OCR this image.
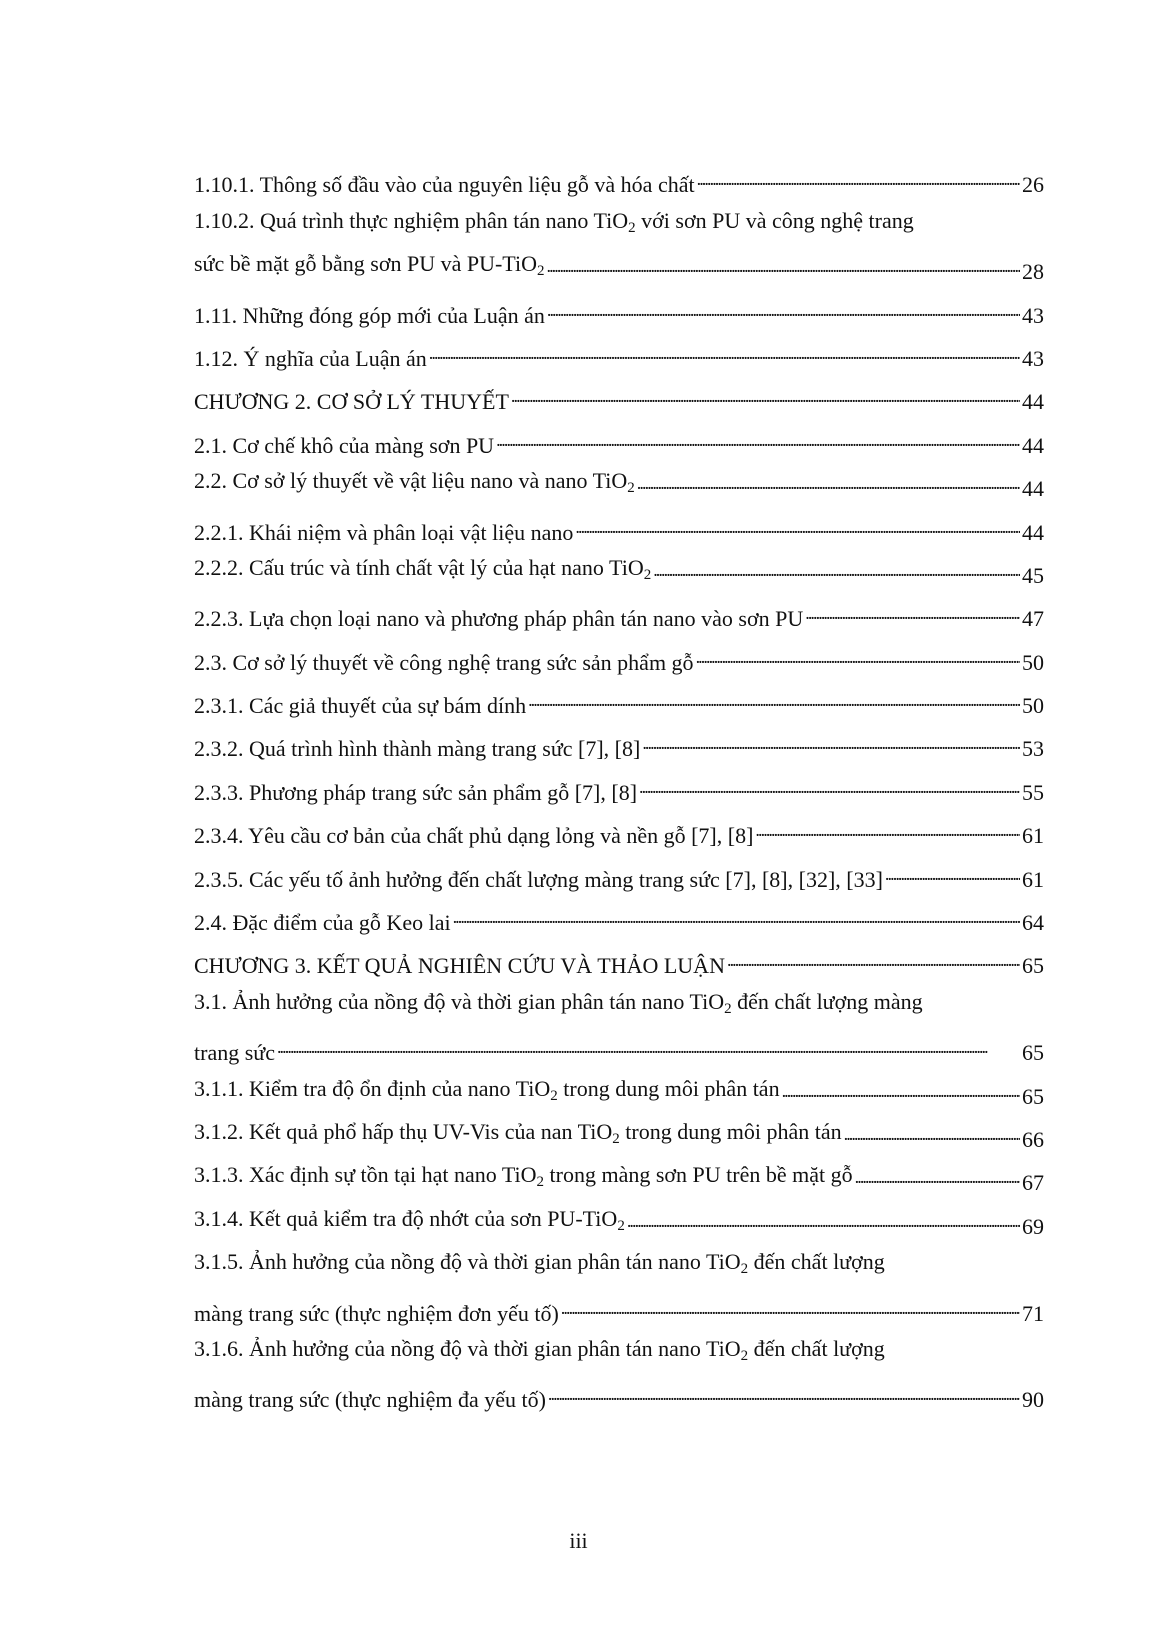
1.10.1. Thông số đầu vào của nguyên liệu gỗ và hóa chất . . .	26
1.10.2. Quá trình thực nghiệm phân tán nano TiO$_2$ với sơn PU và công nghệ trang
sức bề mặt gỗ bằng sơn PU và PU-TiO$_2$ . . .	28
1.11. Những đóng góp mới của Luận án . . .	43
1.12. Ý nghĩa của Luận án . . .	43
CHƯƠNG 2. CƠ SỞ LÝ THUYẾT . . .	44
2.1. Cơ chế khô của màng sơn PU . . .	44
2.2. Cơ sở lý thuyết về vật liệu nano và nano TiO$_2$ . . .	44
2.2.1. Khái niệm và phân loại vật liệu nano . . .	44
2.2.2. Cấu trúc và tính chất vật lý của hạt nano TiO$_2$ . . .	45
2.2.3. Lựa chọn loại nano và phương pháp phân tán nano vào sơn PU . . .	47
2.3. Cơ sở lý thuyết về công nghệ trang sức sản phẩm gỗ . . .	50
2.3.1. Các giả thuyết của sự bám dính . . .	50
2.3.2. Quá trình hình thành màng trang sức [7], [8] . . .	53
2.3.3. Phương pháp trang sức sản phẩm gỗ [7], [8] . . .	55
2.3.4. Yêu cầu cơ bản của chất phủ dạng lỏng và nền gỗ [7], [8] . . .	61
2.3.5. Các yếu tố ảnh hưởng đến chất lượng màng trang sức [7], [8], [32], [33] . . .	61
2.4. Đặc điểm của gỗ Keo lai . . .	64
CHƯƠNG 3. KẾT QUẢ NGHIÊN CỨU VÀ THẢO LUẬN . . .	65
3.1. Ảnh hưởng của nồng độ và thời gian phân tán nano TiO$_2$ đến chất lượng màng
trang sức . . .	65
3.1.1. Kiểm tra độ ổn định của nano TiO$_2$ trong dung môi phân tán . . .	65
3.1.2. Kết quả phổ hấp thụ UV-Vis của nan TiO$_2$ trong dung môi phân tán . . .	66
3.1.3. Xác định sự tồn tại hạt nano TiO$_2$ trong màng sơn PU trên bề mặt gỗ . . .	67
3.1.4. Kết quả kiểm tra độ nhớt của sơn PU-TiO$_2$ . . .	69
3.1.5. Ảnh hưởng của nồng độ và thời gian phân tán nano TiO$_2$ đến chất lượng
màng trang sức (thực nghiệm đơn yếu tố) . . .	71
3.1.6. Ảnh hưởng của nồng độ và thời gian phân tán nano TiO$_2$ đến chất lượng
màng trang sức (thực nghiệm đa yếu tố) . . .	90
iii
